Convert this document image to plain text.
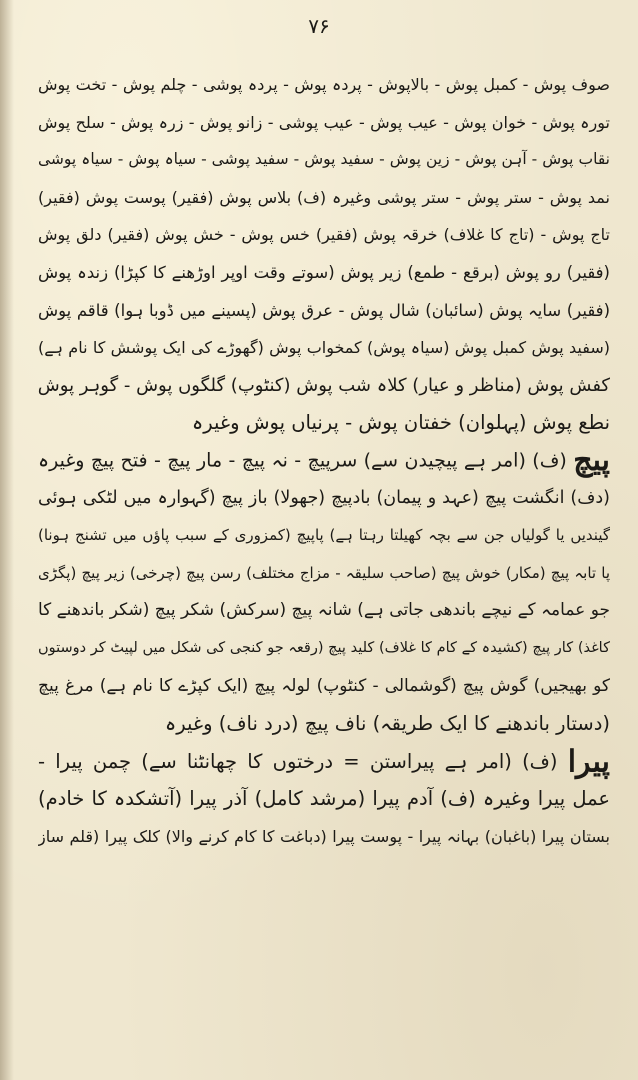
۷۶
صوف پوش - کمبل پوش - بالاپوش - پردہ پوش - پردہ پوشی - چلم پوش - تخت پوش
تورہ پوش - خوان پوش - عیب پوش - عیب پوشی - زانو پوش - زرہ پوش - سلح پوش
نقاب پوش - آہن پوش - زین پوش - سفید پوش - سفید پوشی - سیاہ پوش - سیاہ پوشی
نمد پوش - ستر پوش - ستر پوشی وغیرہ (ف) بلاس پوش (فقیر) پوست پوش (فقیر)
تاج پوش - (تاج کا غلاف) خرقہ پوش (فقیر) خس پوش - خش پوش (فقیر) دلق پوش
(فقیر) رو پوش (برقع - طمع) زیر پوش (سوتے وقت اوپر اوڑھنے کا کپڑا) زندہ پوش
(فقیر) سایہ پوش (سائبان) شال پوش - عرق پوش (پسینے میں ڈوبا ہوا) قاقم پوش
(سفید پوش کمبل پوش (سیاہ پوش) کمخواب پوش (گھوڑے کی ایک پوشش کا نام ہے)
کفش پوش (مناظر و عیار) کلاہ شب پوش (کنٹوپ) گلگوں پوش - گوہر پوش
نطع پوش (پہلوان) خفتان پوش - پرنیاں پوش وغیرہ
پیچ (ف) (امر ہے پیچیدن سے) سرپیچ - نہ پیچ - مار پیچ - فتح پیچ وغیرہ
(دف) انگشت پیچ (عہد و پیمان) بادپیچ (جھولا) باز پیچ (گہوارہ میں لٹکی ہوئی
گیندیں یا گولیاں جن سے بچہ کھیلتا رہتا ہے) پاپیچ (کمزوری کے سبب پاؤں میں تشنج ہونا)
پا تابہ پیچ (مکار) خوش پیچ (صاحب سلیقہ - مزاج مختلف) رسن پیچ (چرخی) زیر پیچ (پگڑی
جو عمامہ کے نیچے باندھی جاتی ہے) شانہ پیچ (سرکش) شکر پیچ (شکر باندھنے کا
کاغذ) کار پیچ (کشیدہ کے کام کا غلاف) کلید پیچ (رقعہ جو کنجی کی شکل میں لپیٹ کر دوستوں
کو بھیجیں) گوش پیچ (گوشمالی - کنٹوپ) لولہ پیچ (ایک کپڑے کا نام ہے) مرغ پیچ
(دستار باندھنے کا ایک طریقہ) ناف پیچ (درد ناف) وغیرہ
پیرا (ف) (امر ہے پیراستن = درختوں کا چھانٹنا سے) چمن پیرا -
عمل پیرا وغیرہ (ف) آدم پیرا (مرشد کامل) آذر پیرا (آتشکدہ کا خادم)
بستان پیرا (باغبان) بہانہ پیرا - پوست پیرا (دباغت کا کام کرنے والا) کلک پیرا (قلم ساز
